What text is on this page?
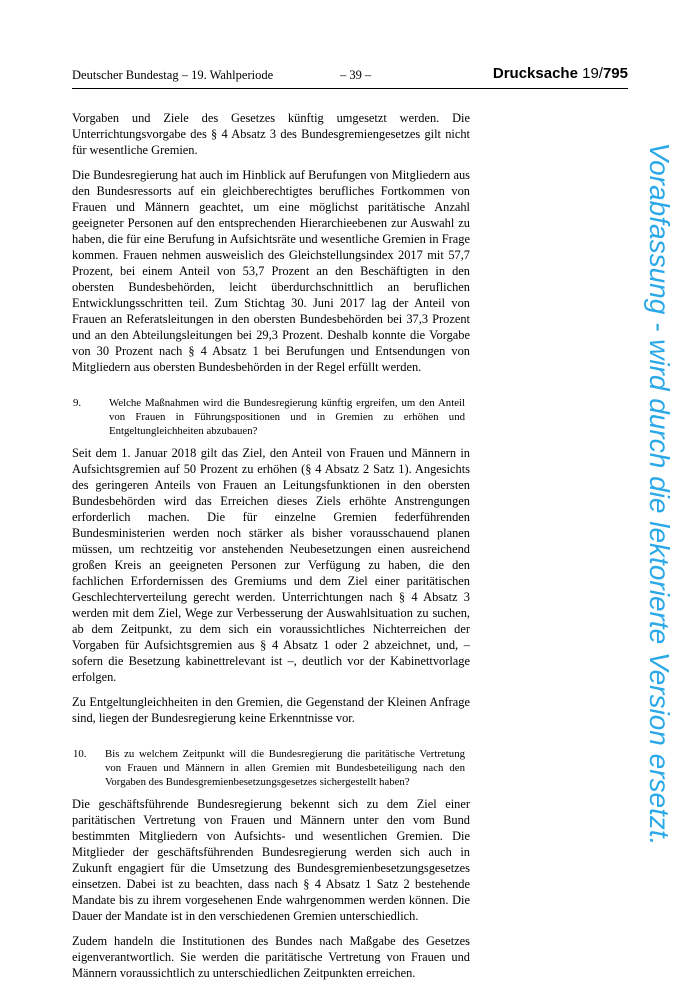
Deutscher Bundestag – 19. Wahlperiode	– 39 –	Drucksache 19/795

Vorgaben und Ziele des Gesetzes künftig umgesetzt werden. Die Unterrichtungsvorgabe des § 4 Absatz 3 des Bundesgremiengesetzes gilt nicht für wesentliche Gremien.

Die Bundesregierung hat auch im Hinblick auf Berufungen von Mitgliedern aus den Bundesressorts auf ein gleichberechtigtes berufliches Fortkommen von Frauen und Männern geachtet, um eine möglichst paritätische Anzahl geeigneter Personen auf den entsprechenden Hierarchieebenen zur Auswahl zu haben, die für eine Berufung in Aufsichtsräte und wesentliche Gremien in Frage kommen. Frauen nehmen ausweislich des Gleichstellungsindex 2017 mit 57,7 Prozent, bei einem Anteil von 53,7 Prozent an den Beschäftigten in den obersten Bundesbehörden, leicht überdurchschnittlich an beruflichen Entwicklungsschritten teil. Zum Stichtag 30. Juni 2017 lag der Anteil von Frauen an Referatsleitungen in den obersten Bundesbehörden bei 37,3 Prozent und an den Abteilungsleitungen bei 29,3 Prozent. Deshalb konnte die Vorgabe von 30 Prozent nach § 4 Absatz 1 bei Berufungen und Entsendungen von Mitgliedern aus obersten Bundesbehörden in der Regel erfüllt werden.

9.	Welche Maßnahmen wird die Bundesregierung künftig ergreifen, um den Anteil von Frauen in Führungspositionen und in Gremien zu erhöhen und Entgeltungleichheiten abzubauen?

Seit dem 1. Januar 2018 gilt das Ziel, den Anteil von Frauen und Männern in Aufsichtsgremien auf 50 Prozent zu erhöhen (§ 4 Absatz 2 Satz 1). Angesichts des geringeren Anteils von Frauen an Leitungsfunktionen in den obersten Bundesbehörden wird das Erreichen dieses Ziels erhöhte Anstrengungen erforderlich machen. Die für einzelne Gremien federführenden Bundesministerien werden noch stärker als bisher vorausschauend planen müssen, um rechtzeitig vor anstehenden Neubesetzungen einen ausreichend großen Kreis an geeigneten Personen zur Verfügung zu haben, die den fachlichen Erfordernissen des Gremiums und dem Ziel einer paritätischen Geschlechterverteilung gerecht werden. Unterrichtungen nach § 4 Absatz 3 werden mit dem Ziel, Wege zur Verbesserung der Auswahlsituation zu suchen, ab dem Zeitpunkt, zu dem sich ein voraussichtliches Nichterreichen der Vorgaben für Aufsichtsgremien aus § 4 Absatz 1 oder 2 abzeichnet, und, – sofern die Besetzung kabinettrelevant ist –, deutlich vor der Kabinettvorlage erfolgen.

Zu Entgeltungleichheiten in den Gremien, die Gegenstand der Kleinen Anfrage sind, liegen der Bundesregierung keine Erkenntnisse vor.

10.	Bis zu welchem Zeitpunkt will die Bundesregierung die paritätische Vertretung von Frauen und Männern in allen Gremien mit Bundesbeteiligung nach den Vorgaben des Bundesgremienbesetzungsgesetzes sichergestellt haben?

Die geschäftsführende Bundesregierung bekennt sich zu dem Ziel einer paritätischen Vertretung von Frauen und Männern unter den vom Bund bestimmten Mitgliedern von Aufsichts- und wesentlichen Gremien. Die Mitglieder der geschäftsführenden Bundesregierung werden sich auch in Zukunft engagiert für die Umsetzung des Bundesgremienbesetzungsgesetzes einsetzen. Dabei ist zu beachten, dass nach § 4 Absatz 1 Satz 2 bestehende Mandate bis zu ihrem vorgesehenen Ende wahrgenommen werden können. Die Dauer der Mandate ist in den verschiedenen Gremien unterschiedlich.

Zudem handeln die Institutionen des Bundes nach Maßgabe des Gesetzes eigenverantwortlich. Sie werden die paritätische Vertretung von Frauen und Männern voraussichtlich zu unterschiedlichen Zeitpunkten erreichen.

Vorabfassung - wird durch die lektorierte Version ersetzt.
